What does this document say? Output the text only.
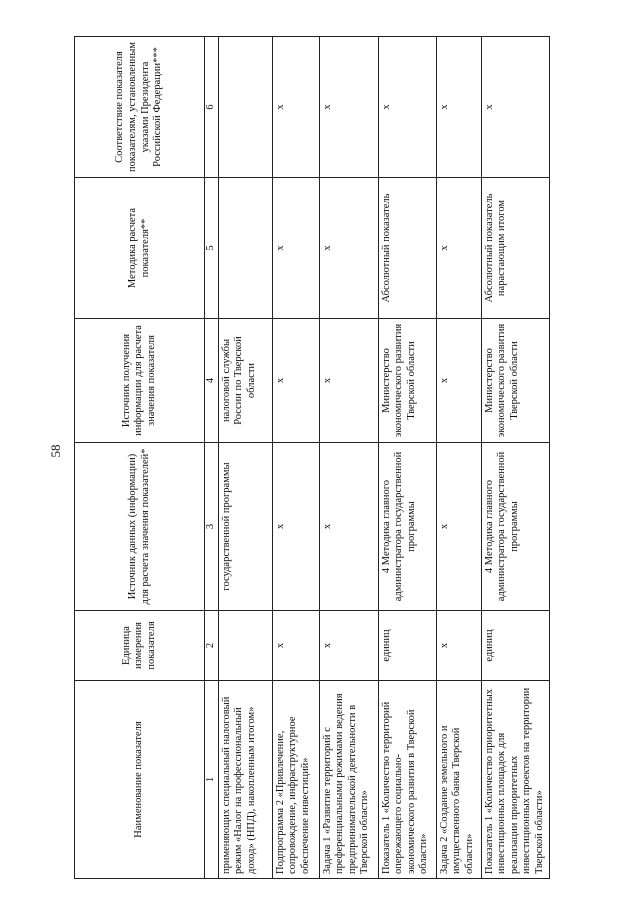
58
Наименование показателя	Единица измерения показателя	Источник данных (информации) для расчета значения показателей*	Источник получения информации для расчета значения показателя	Методика расчета показателя**	Соответствие показателя показателям, установленным указами Президента Российской Федерации***
1	2	3	4	5	6
применяющих специальный налоговый режим «Налог на профессиональный доход» (НПД), накопленным итогом»		государственной программы	налоговой службы России по Тверской области		
Подпрограмма 2 «Привлечение, сопровождение, инфраструктурное обеспечение инвестиций»	x	x	x	x	x
Задача 1 «Развитие территорий с преференциальными режимами ведения предпринимательской деятельности в Тверской области»	x	x	x	x	x
Показатель 1 «Количество территорий опережающего социально-экономического развития в Тверской области»	единиц	4 Методика главного администратора государственной программы	Министерство экономического развития Тверской области	Абсолютный показатель	x
Задача 2 «Создание земельного и имущественного банка Тверской области»	x	x	x	x	x
Показатель 1 «Количество приоритетных инвестиционных площадок для реализации приоритетных инвестиционных проектов на территории Тверской области»	единиц	4 Методика главного администратора государственной программы	Министерство экономического развития Тверской области	Абсолютный показатель нарастающим итогом	x
